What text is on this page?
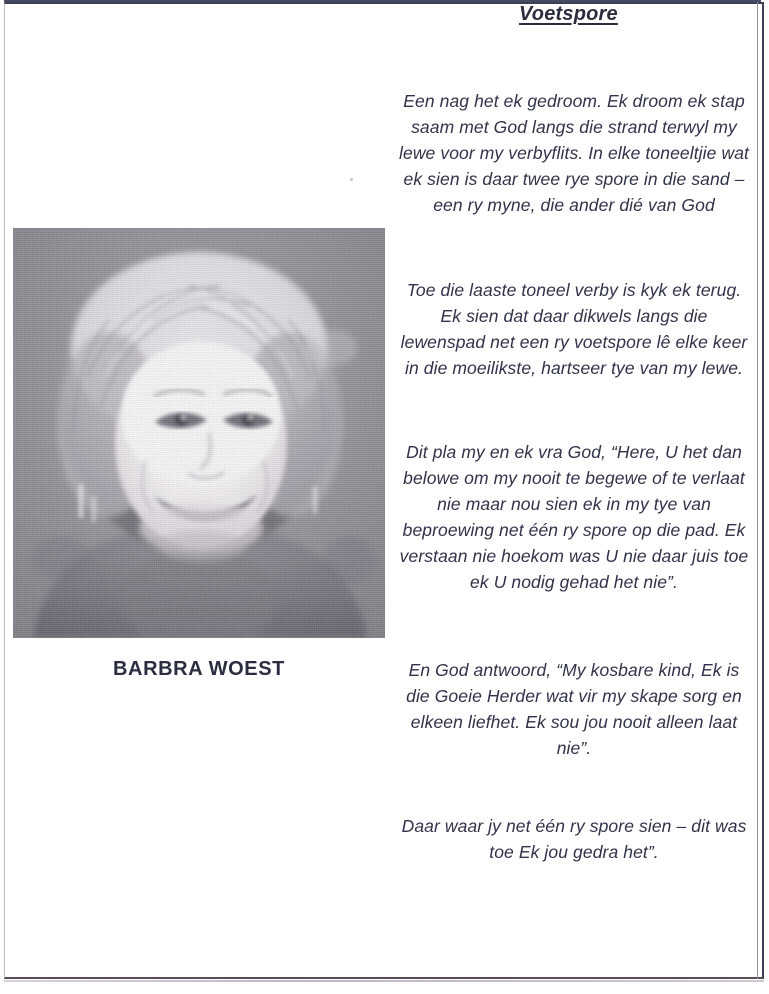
Voetspore
BARBRA WOEST

Een nag het ek gedroom. Ek droom ek stap saam met God langs die strand terwyl my lewe voor my verbyflits. In elke toneeltjie wat ek sien is daar twee rye spore in die sand – een ry myne, die ander dié van God

Toe die laaste toneel verby is kyk ek terug. Ek sien dat daar dikwels langs die lewenspad net een ry voetspore lê elke keer in die moeilikste, hartseer tye van my lewe.

Dit pla my en ek vra God, “Here, U het dan belowe om my nooit te begewe of te verlaat nie maar nou sien ek in my tye van beproewing net één ry spore op die pad. Ek verstaan nie hoekom was U nie daar juis toe ek U nodig gehad het nie”.

En God antwoord, “My kosbare kind, Ek is die Goeie Herder wat vir my skape sorg en elkeen liefhet. Ek sou jou nooit alleen laat nie”.

Daar waar jy net één ry spore sien – dit was toe Ek jou gedra het”.
